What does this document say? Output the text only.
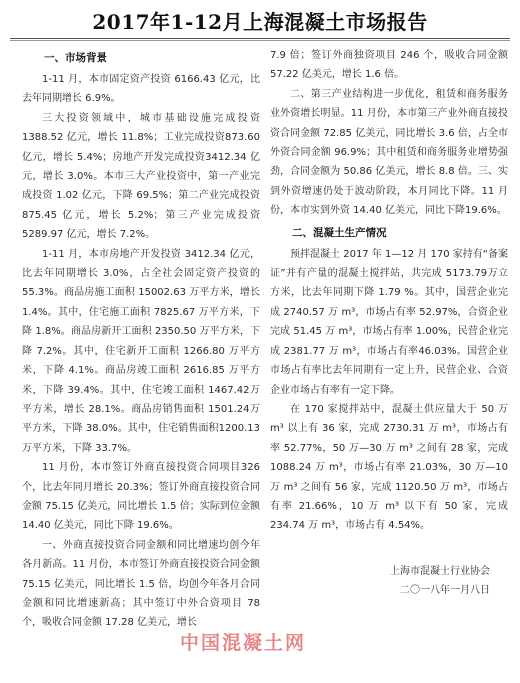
2017年1-12月上海混凝土市场报告
一、市场背景

1-11 月，本市固定资产投资 6166.43 亿元，比去年同期增长 6.9%。

三大投资领域中，城市基础设施完成投资1388.52 亿元，增长 11.8%；工业完成投资873.60 亿元，增长 5.4%；房地产开发完成投资3412.34 亿元，增长 3.0%。本市三大产业投资中，第一产业完成投资 1.02 亿元，下降 69.5%；第二产业完成投资 875.45 亿元，增长 5.2%；第三产业完成投资 5289.97 亿元，增长 7.2%。

1-11 月，本市房地产开发投资 3412.34 亿元，比去年同期增长 3.0%，占全社会固定资产投资的55.3%。商品房施工面积 15002.63 万平方米，增长 1.4%。其中，住宅施工面积 7825.67 万平方米，下降 1.8%。商品房新开工面积 2350.50 万平方米，下降 7.2%。其中，住宅新开工面积 1266.80 万平方米，下降 4.1%。商品房竣工面积 2616.85 万平方米，下降 39.4%。其中，住宅竣工面积 1467.42万平方米，增长 28.1%。商品房销售面积 1501.24万平方米，下降 38.0%。其中，住宅销售面积1200.13 万平方米，下降 33.7%。

11 月份，本市签订外商直接投资合同项目326 个，比去年同月增长 20.3%；签订外商直接投资合同金额 75.15 亿美元，同比增长 1.5 倍；实际到位金额 14.40 亿美元，同比下降 19.6%。

一、外商直接投资合同金额和同比增速均创今年各月新高。11 月份，本市签订外商直接投资合同金额 75.15 亿美元，同比增长 1.5 倍，均创今年各月合同金额和同比增速新高；其中签订中外合资项目 78 个，吸收合同金额 17.28 亿美元，增长

7.9 倍；签订外商独资项目 246 个，吸收合同金额57.22 亿美元，增长 1.6 倍。

二、第三产业结构进一步优化，租赁和商务服务业外资增长明显。11 月份，本市第三产业外商直接投资合同金额 72.85 亿美元，同比增长 3.6 倍，占全市外资合同金额 96.9%；其中租赁和商务服务业增势强劲，合同金额为 50.86 亿美元，增长 8.8 倍。三、实到外资增速仍处于波动阶段，本月同比下降。11 月份，本市实到外资 14.40 亿美元，同比下降19.6%。

二、混凝土生产情况

预拌混凝土 2017 年 1—12 月 170 家持有“备案证”并有产量的混凝土搅拌站，共完成 5173.79万立方米，比去年同期下降 1.79 %。其中，国营企业完成 2740.57 万 m³，市场占有率 52.97%，合资企业完成 51.45 万 m³，市场占有率 1.00%，民营企业完成 2381.77 万 m³，市场占有率46.03%。国营企业市场占有率比去年同期有一定上升，民营企业、合资企业市场占有率有一定下降。

在 170 家搅拌站中，混凝土供应量大于 50 万m³ 以上有 36 家，完成 2730.31 万 m³，市场占有率 52.77%，50 万—30 万 m³ 之间有 28 家，完成1088.24 万 m³，市场占有率 21.03%，30 万—10万 m³ 之间有 56 家，完成 1120.50 万 m³，市场占有率 21.66%，10 万 m³ 以下有 50 家，完成234.74 万 m³，市场占有 4.54%。

上海市混凝土行业协会

二〇一八年一月八日

中国混凝土网
